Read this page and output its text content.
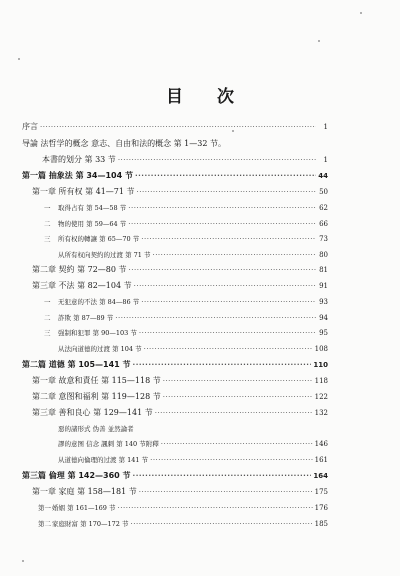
目 次
序言 ·····	1
导論 法哲学的概念 意志、自由和法的概念 第 1—32 节。
本書的划分 第 33 节 ·····	1
第一篇 抽象法 第 34—104 节 ·····	44
第一章 所有权 第 41—71 节 ·····	50
一	取得占有 第 54—58 节 ·····	62
二	物的使用 第 59—64 节 ·····	66
三	所有权的轉讓 第 65—70 节 ·····	73
从所有权向契約的过渡 第 71 节 ·····	80
第二章 契約 第 72—80 节 ·····	81
第三章 不法 第 82—104 节 ·····	91
一	无犯意的不法 第 84—86 节 ·····	93
二	詐欺 第 87—89 节 ·····	94
三	强制和犯罪 第 90—103 节 ·····	95
从法向道德的过渡 第 104 节 ·····	108
第二篇 道德 第 105—141 节 ·····	110
第一章 故意和責任 第 115—118 节 ·····	118
第二章 意图和福利 第 119—128 节 ·····	122
第三章 善和良心 第 129—141 节 ·····	132
惡的諸形式 伪善 並然論者
謬的意图 信念 諷刺 第 140 节附釋 ·····	146
从道德向倫理的过渡 第 141 节 ·····	161
第三篇 倫理 第 142—360 节 ·····	164
第一章 家庭 第 158—181 节 ·····	175
第一 婚姻 第 161—169 节 ·····	176
第二 家庭財富 第 170—172 节 ·····	185
